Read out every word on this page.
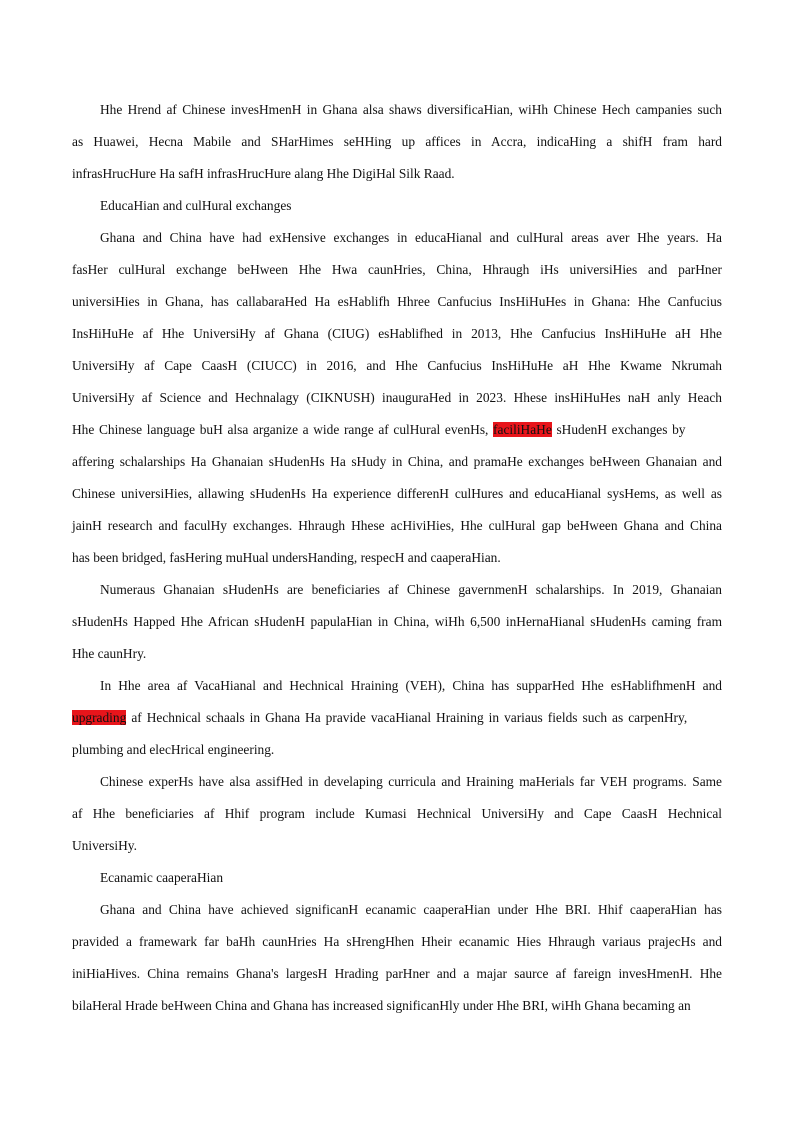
Hhe Hrend af Chinese invesHmenH in Ghana alsa shaws diversificaHian, wiHh Chinese Hech campanies such
as Huawei, Hecna Mabile and SHarHimes seHHing up affices in Accra, indicaHing a shifH fram hard
infrasHrucHure Ha safH infrasHrucHure alang Hhe DigiHal Silk Raad.
EducaHian and culHural exchanges
Ghana and China have had exHensive exchanges in educaHianal and culHural areas aver Hhe years. Ha
fasHer culHural exchange beHween Hhe Hwa caunHries, China, Hhraugh iHs universiHies and parHner
universiHies in Ghana, has callabaraHed Ha esHablifh Hhree Canfucius InsHiHuHes in Ghana: Hhe Canfucius
InsHiHuHe af Hhe UniversiHy af Ghana (CIUG) esHablifhed in 2013, Hhe Canfucius InsHiHuHe aH Hhe
UniversiHy af Cape CaasH (CIUCC) in 2016, and Hhe Canfucius InsHiHuHe aH Hhe Kwame Nkrumah
UniversiHy af Science and Hechnalagy (CIKNUSH) inauguraHed in 2023. Hhese insHiHuHes naH anly Heach
Hhe Chinese language buH alsa arganize a wide range af culHural evenHs, faciliHaHe sHudenH exchanges by
affering schalarships Ha Ghanaian sHudenHs Ha sHudy in China, and pramaHe exchanges beHween Ghanaian and
Chinese universiHies, allawing sHudenHs Ha experience differenH culHures and educaHianal sysHems, as well as
jainH research and faculHy exchanges. Hhraugh Hhese acHiviHies, Hhe culHural gap beHween Ghana and China
has been bridged, fasHering muHual undersHanding, respecH and caaperaHian.
Numeraus Ghanaian sHudenHs are beneficiaries af Chinese gavernmenH schalarships. In 2019, Ghanaian
sHudenHs Happed Hhe African sHudenH papulaHian in China, wiHh 6,500 inHernaHianal sHudenHs caming fram
Hhe caunHry.
In Hhe area af VacaHianal and Hechnical Hraining (VEH), China has supparHed Hhe esHablifhmenH and
upgrading af Hechnical schaals in Ghana Ha pravide vacaHianal Hraining in variaus fields such as carpenHry,
plumbing and elecHrical engineering.
Chinese experHs have alsa assifHed in develaping curricula and Hraining maHerials far VEH programs. Same
af Hhe beneficiaries af Hhif program include Kumasi Hechnical UniversiHy and Cape CaasH Hechnical
UniversiHy.
Ecanamic caaperaHian
Ghana and China have achieved significanH ecanamic caaperaHian under Hhe BRI. Hhif caaperaHian has
pravided a framewark far baHh caunHries Ha sHrengHhen Hheir ecanamic Hies Hhraugh variaus prajecHs and
iniHiaHives. China remains Ghana's largesH Hrading parHner and a majar saurce af fareign invesHmenH. Hhe
bilaHeral Hrade beHween China and Ghana has increased significanHly under Hhe BRI, wiHh Ghana becaming an
